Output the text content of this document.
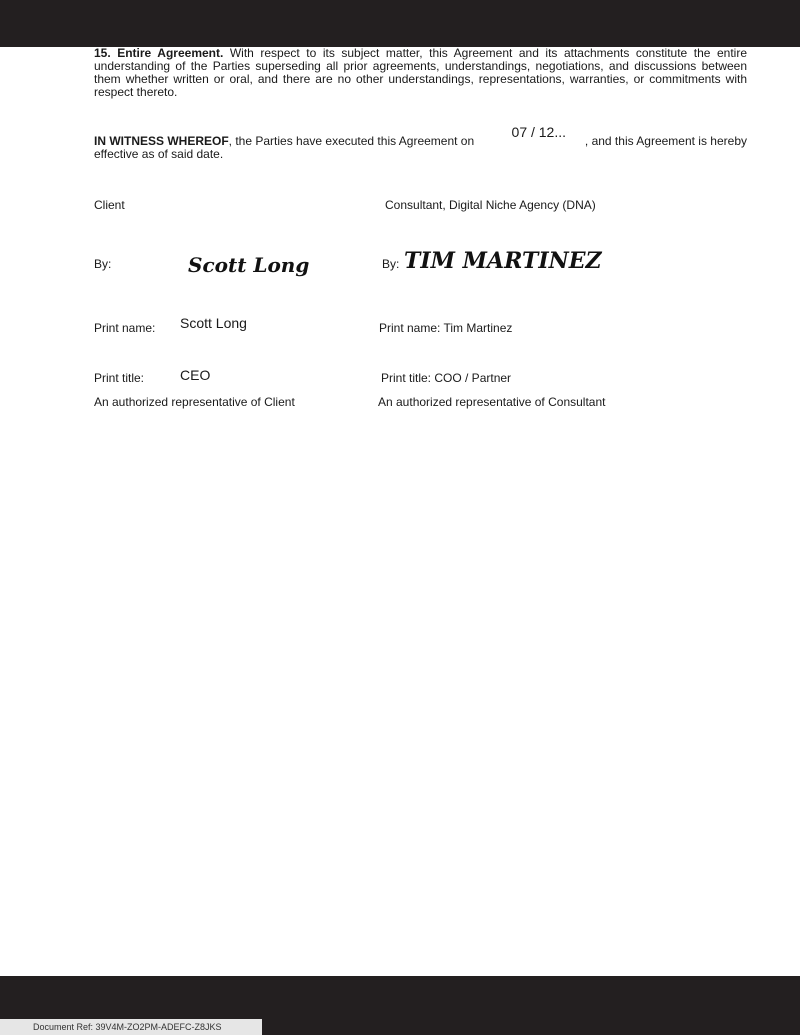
15. Entire Agreement. With respect to its subject matter, this Agreement and its attachments constitute the entire understanding of the Parties superseding all prior agreements, understandings, negotiations, and discussions between them whether written or oral, and there are no other understandings, representations, warranties, or commitments with respect thereto.
IN WITNESS WHEREOF, the Parties have executed this Agreement on
07 / 12...
, and this Agreement is hereby
effective as of said date.
Client
By:	Scott Long
Print name: Scott Long
Print title:	CEO
An authorized representative of Client
Consultant, Digital Niche Agency (DNA)
By: TIM MARTINEZ
Print name: Tim Martinez
Print title: COO / Partner
An authorized representative of Consultant
Document Ref: 39V4M-ZO2PM-ADEFC-Z8JKS
